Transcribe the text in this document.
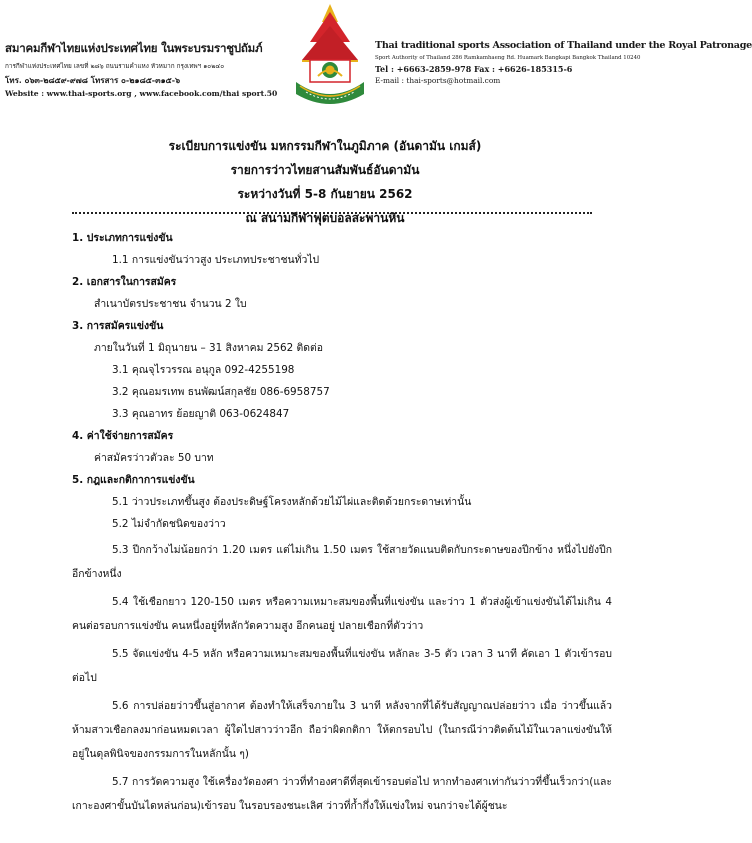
สมาคมกีฬาไทยแห่งประเทศไทย ในพระบรมราชูปถัมภ์
การกีฬาแห่งประเทศไทย เลขที่ ๒๘๖ ถนนรามคำแหง หัวหมาก กรุงเทพฯ ๑๐๒๔๐
โทร. ๐๖๓-๒๘๕๙-๙๗๘ โทรสาร ๐-๒๑๘๕-๓๑๕-๖
Website : www.thai-sports.org , www.facebook.com/thai sport.50
Thai traditional sports Association of Thailand under the Royal Patronage
Sport Authority of Thailand 286 Ramkamhaeng Rd. Huamark Bangkapi Bangkok Thailand 10240
Tel : +6663-2859-978 Fax : +6626-185315-6
E-mail : thai-sports@hotmail.com
ระเบียบการแข่งขัน มหกรรมกีฬาในภูมิภาค (อันดามัน เกมส์)
รายการว่าวไทยสานสัมพันธ์อันดามัน
ระหว่างวันที่ 5-8 กันยายน 2562
ณ สนามกีฬาฟุตบอลสะพานหิน
1. ประเภทการแข่งขัน
1.1 การแข่งขันว่าวสูง ประเภทประชาชนทั่วไป
2. เอกสารในการสมัคร
สำเนาบัตรประชาชน จำนวน 2 ใบ
3. การสมัครแข่งขัน
ภายในวันที่ 1 มิถุนายน – 31 สิงหาคม 2562 ติดต่อ
3.1 คุณจุไรวรรณ อนุกูล 092-4255198
3.2 คุณอมรเทพ ธนพัฒน์สกุลชัย 086-6958757
3.3 คุณอาทร ย้อยญาติ 063-0624847
4. ค่าใช้จ่ายการสมัคร
ค่าสมัครว่าวตัวละ 50 บาท
5. กฎและกติกาการแข่งขัน
5.1 ว่าวประเภทขึ้นสูง ต้องประดิษฐ์โครงหลักด้วยไม้ไผ่และติดด้วยกระดาษเท่านั้น
5.2 ไม่จำกัดชนิดของว่าว
5.3 ปีกกว้างไม่น้อยกว่า 1.20 เมตร แต่ไม่เกิน 1.50 เมตร ใช้สายวัดแนบติดกับกระดาษของปีกข้าง หนึ่งไปยังปีกอีกข้างหนึ่ง
5.4 ใช้เชือกยาว 120-150 เมตร หรือความเหมาะสมของพื้นที่แข่งขัน และว่าว 1 ตัวส่งผู้เข้าแข่งขันได้ไม่เกิน 4 คนต่อรอบการแข่งขัน คนหนึ่งอยู่ที่หลักวัดความสูง อีกคนอยู่ ปลายเชือกที่ตัวว่าว
5.5 จัดแข่งขัน 4-5 หลัก หรือความเหมาะสมของพื้นที่แข่งขัน หลักละ 3-5 ตัว เวลา 3 นาที คัดเอา 1 ตัวเข้ารอบต่อไป
5.6 การปล่อยว่าวขึ้นสู่อากาศ ต้องทำให้เสร็จภายใน 3 นาที หลังจากที่ได้รับสัญญาณปล่อยว่าว เมื่อ ว่าวขึ้นแล้ว ห้ามสาวเชือกลงมาก่อนหมดเวลา ผู้ใดไปสาวว่าวอีก ถือว่าผิดกติกา ให้ตกรอบไป (ในกรณีว่าวติดต้นไม้ในเวลาแข่งขันให้อยู่ในดุลพินิจของกรรมการในหลักนั้น ๆ)
5.7 การวัดความสูง ใช้เครื่องวัดองศา ว่าวที่ทำองศาดีที่สุดเข้ารอบต่อไป หากทำองศาเท่ากันว่าวที่ขึ้นเร็วกว่า(และเกาะองศาขั้นบันไดหล่นก่อน)เข้ารอบ ในรอบรองชนะเลิศ ว่าวที่ก้ำกึ่งให้แข่งใหม่ จนกว่าจะได้ผู้ชนะ
